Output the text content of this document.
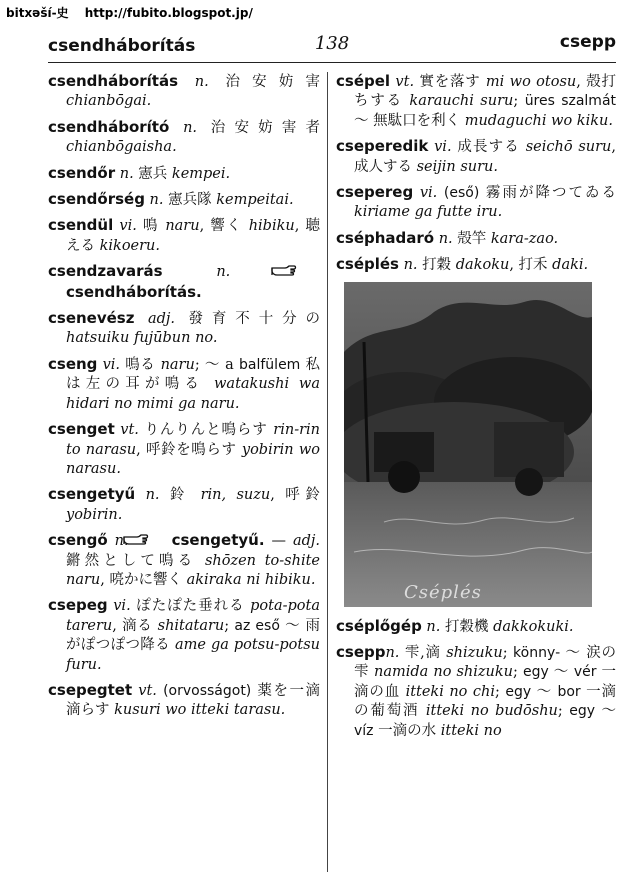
bitxəší-史 http://fubito.blogspot.jp/
csendháborítás	138	csepp

csendháborítás n. 治安妨害 chianbōgai.

csendháborító n. 治安妨害者 chianbōgaisha.

csendőr n. 憲兵 kempei.

csendőrség n. 憲兵隊 kempeitai.

csendül vi. 鳴 naru, 響く hibiku, 聴える kikoeru.

csendzavarás n. csendháborítás.

csenevész adj. 發育不十分の hatsuiku fujūbun no.

cseng vi. 鳴る naru; ～ a balfülem 私は左の耳が鳴る watakushi wa hidari no mimi ga naru.

csenget vt. りんりんと鳴らす rin-rin to narasu, 呼鈴を鳴らす yobirin wo narasu.

csengetyű n. 鈴 rin, suzu, 呼鈴 yobirin.

csengő n. csengetyű. — adj. 鏘然として鳴る shōzen to-shite naru, 喨かに響く akiraka ni hibiku.

csepeg vi. ぽたぽた垂れる pota-pota tareru, 滴る shitataru; az eső ～ 雨がぽつぽつ降る ame ga potsu-potsu furu.

csepegtet vt. (orvosságot) 薬を一滴滴らす kusuri wo itteki tarasu.

csépel vt. 實を落す mi wo otosu, 殻打ちする karauchi suru; üres szalmát ～ 無駄口を利く mudaguchi wo kiku.

cseperedik vi. 成長する seichō suru, 成人する seijin suru.

csepereg vi. (eső) 霧雨が降つてゐる kiriame ga futte iru.

cséphadaró n. 殻竿 kara-zao.

cséplés n. 打穀 dakoku, 打禾 daki.

Cséplés

cséplőgép n. 打穀機 dakkokuki.

cseppn. 雫,滴 shizuku; könny- ～ 涙の雫 namida no shizuku; egy ～ vér 一滴の血 itteki no chi; egy ～ bor 一滴の葡萄酒 itteki no budōshu; egy ～ víz 一滴の水 itteki no
